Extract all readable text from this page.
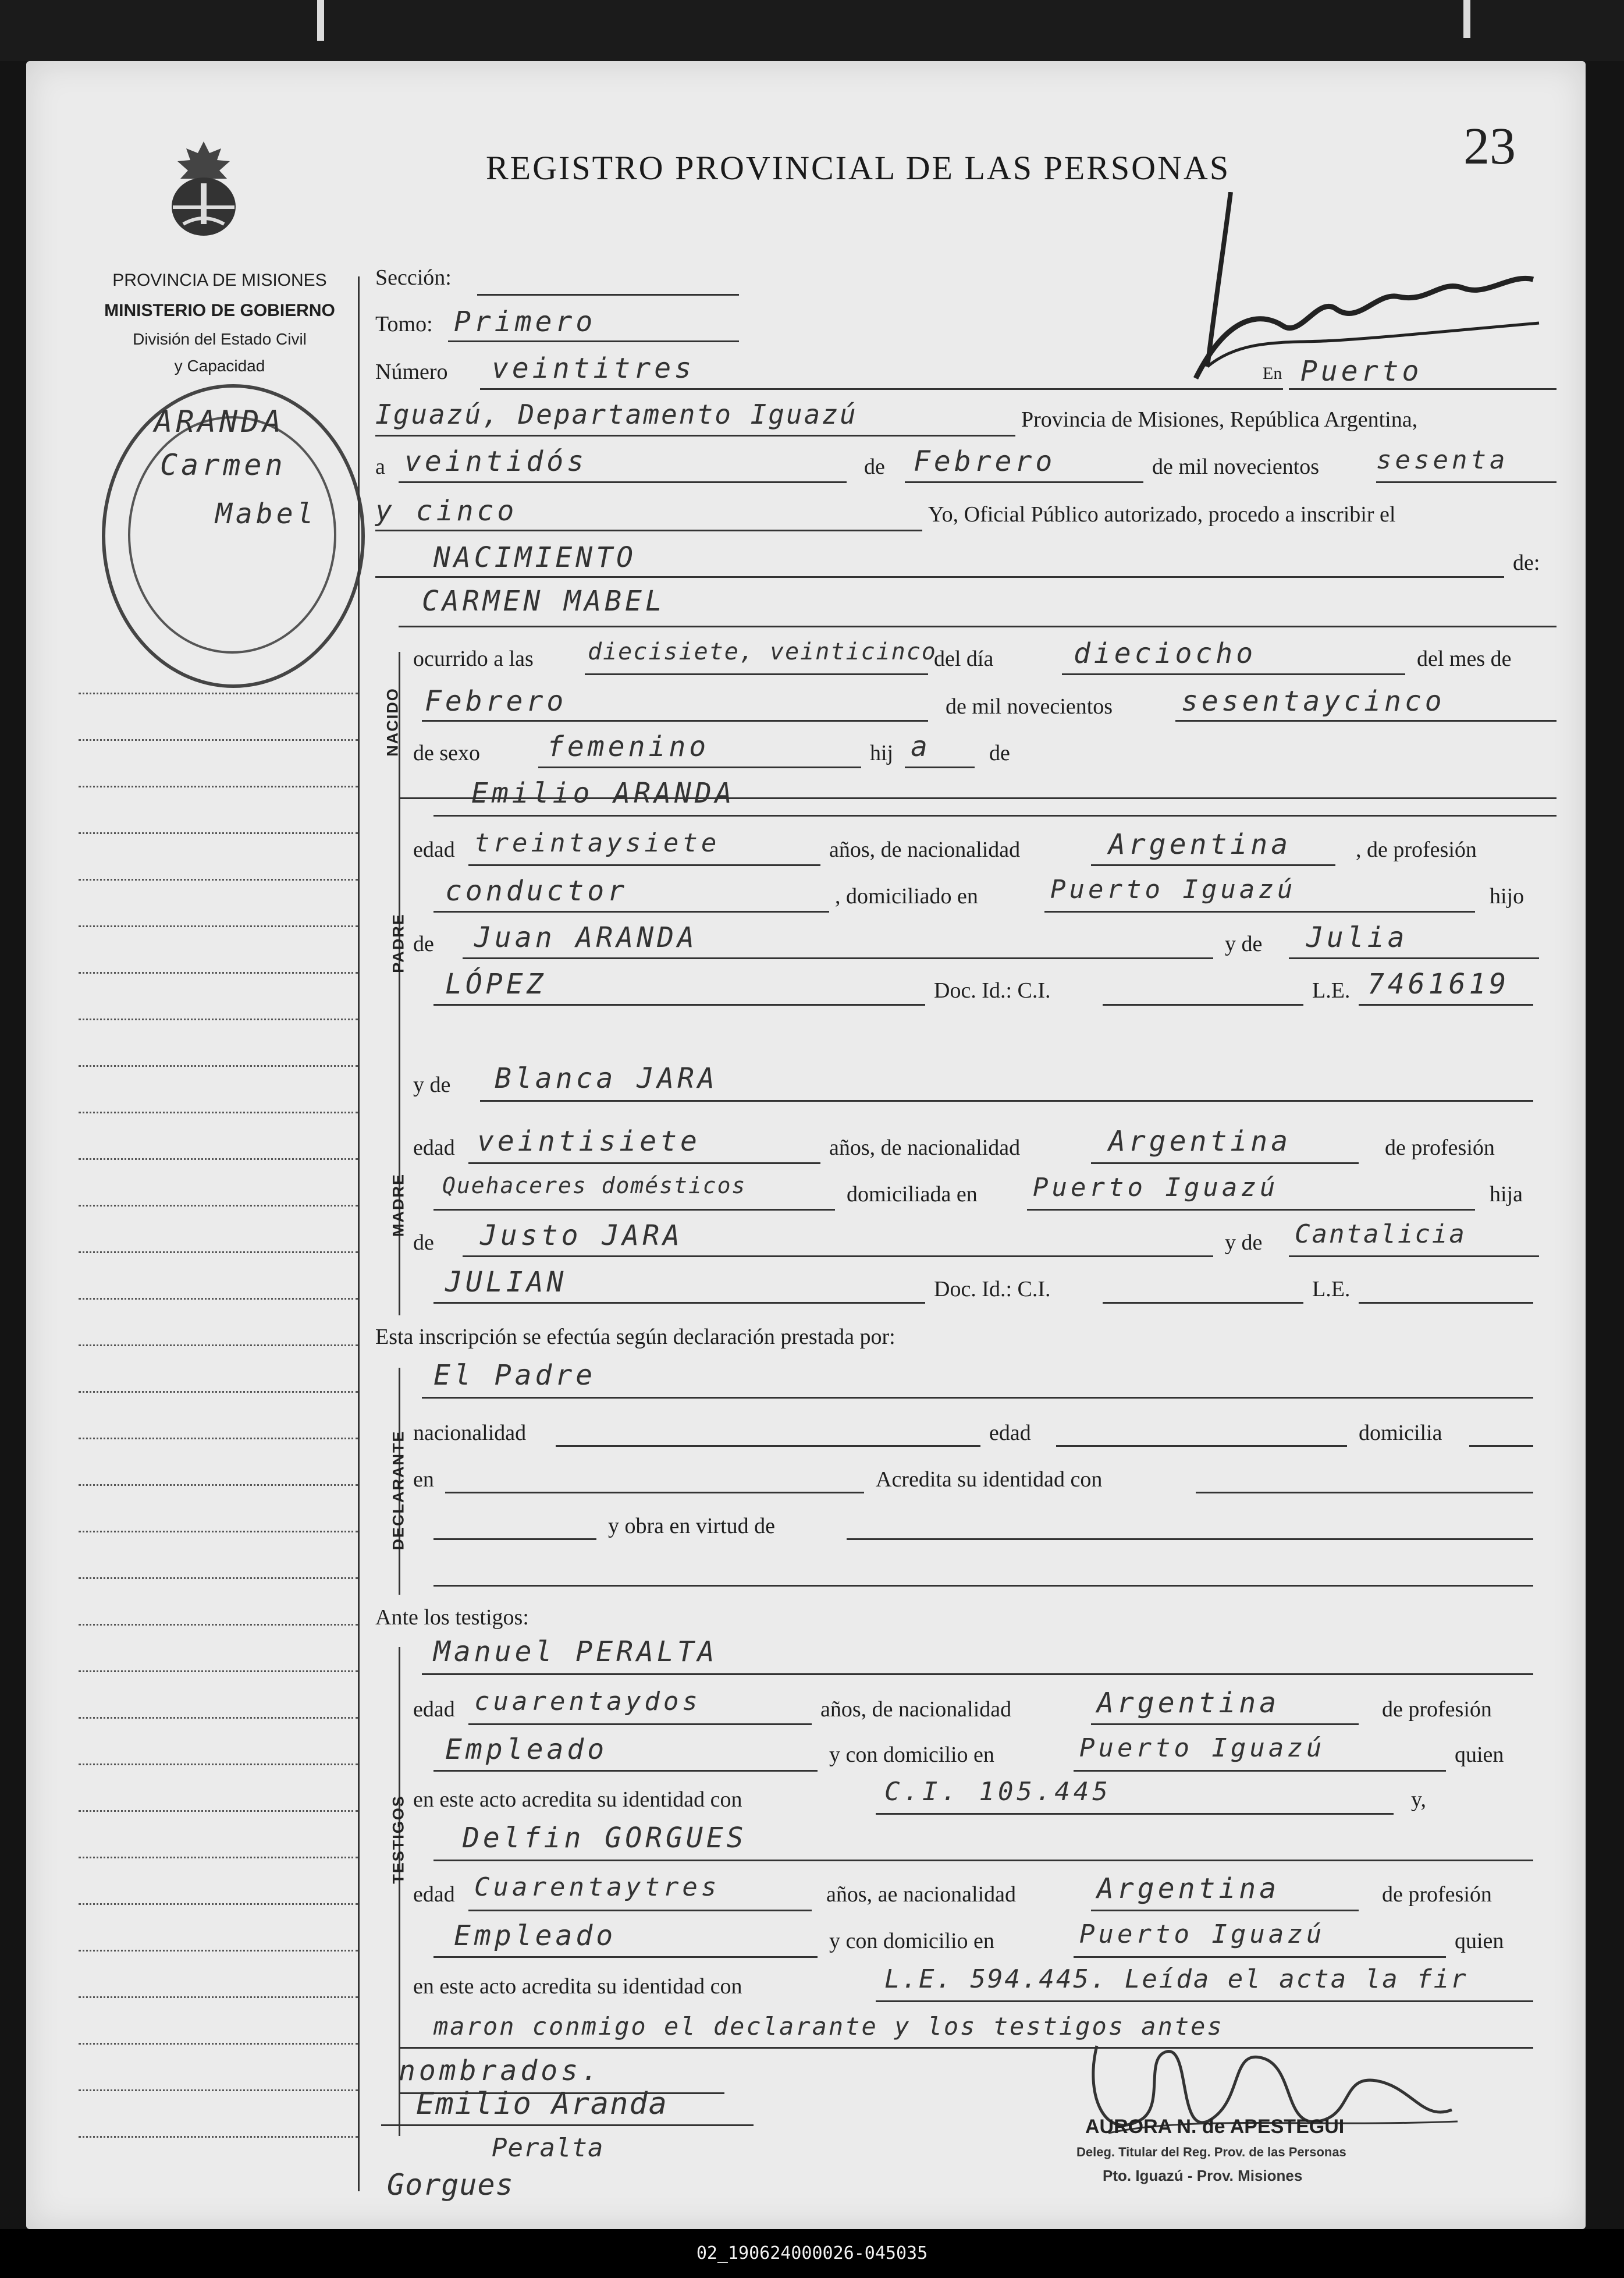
PROVINCIA DE MISIONES
MINISTERIO DE GOBIERNO
División del Estado Civil
y Capacidad
ARANDA
Carmen
Mabel
REGISTRO PROVINCIAL DE LAS PERSONAS	23
Sección:
Tomo: Primero
Número veintitres	En Puerto
Iguazú, Departamento Iguazú	Provincia de Misiones, República Argentina,
a veintidós	de Febrero	de mil novecientos sesenta
y cinco	Yo, Oficial Público autorizado, procedo a inscribir el
NACIMIENTO	de:
NACIDO
CARMEN MABEL
ocurrido a las diecisiete, veinticinco
del día	dieciocho	del mes de
Febrero	de mil novecientos sesentaycinco
de sexo femenino	hij a	de
PADRE
Emilio ARANDA
edad treintaysiete	años, de nacionalidad	Argentina	, de profesión
conductor	, domiciliado en	Puerto Iguazú	hijo
de Juan ARANDA	y de Julia
LÓPEZ	Doc. Id.: C.I.	L.E. 7461619
MADRE
y de Blanca JARA
edad veintisiete	años, de nacionalidad	Argentina	de profesión
Quehaceres domésticos	domiciliada en Puerto Iguazú	hija
de Justo JARA	y de Cantalicia
JULIAN	Doc. Id.: C.I.	L.E.
Esta inscripción se efectúa según declaración prestada por:
DECLARANTE
El Padre
nacionalidad	edad	domicilia
en	Acredita su identidad con
y obra en virtud de
Ante los testigos:
TESTIGOS
Manuel PERALTA
edad cuarentaydos	años, de nacionalidad	Argentina	de profesión
Empleado	y con domicilio en	Puerto Iguazú	quien
en este acto acredita su identidad con	C.I. 105.445	y,
Delfin GORGUES
edad Cuarentaytres	años, ae nacionalidad	Argentina	de profesión
Empleado	y con domicilio en	Puerto Iguazú	quien
en este acto acredita su identidad con	L.E. 594.445. Leída el acta la fir
maron conmigo el declarante y los testigos antes
nombrados.
Emilio Aranda
Peralta
Gorgues
AURORA N. de APESTEGUI
Deleg. Titular del Reg. Prov. de las Personas
Pto. Iguazú - Prov. Misiones
02_190624000026-045035
